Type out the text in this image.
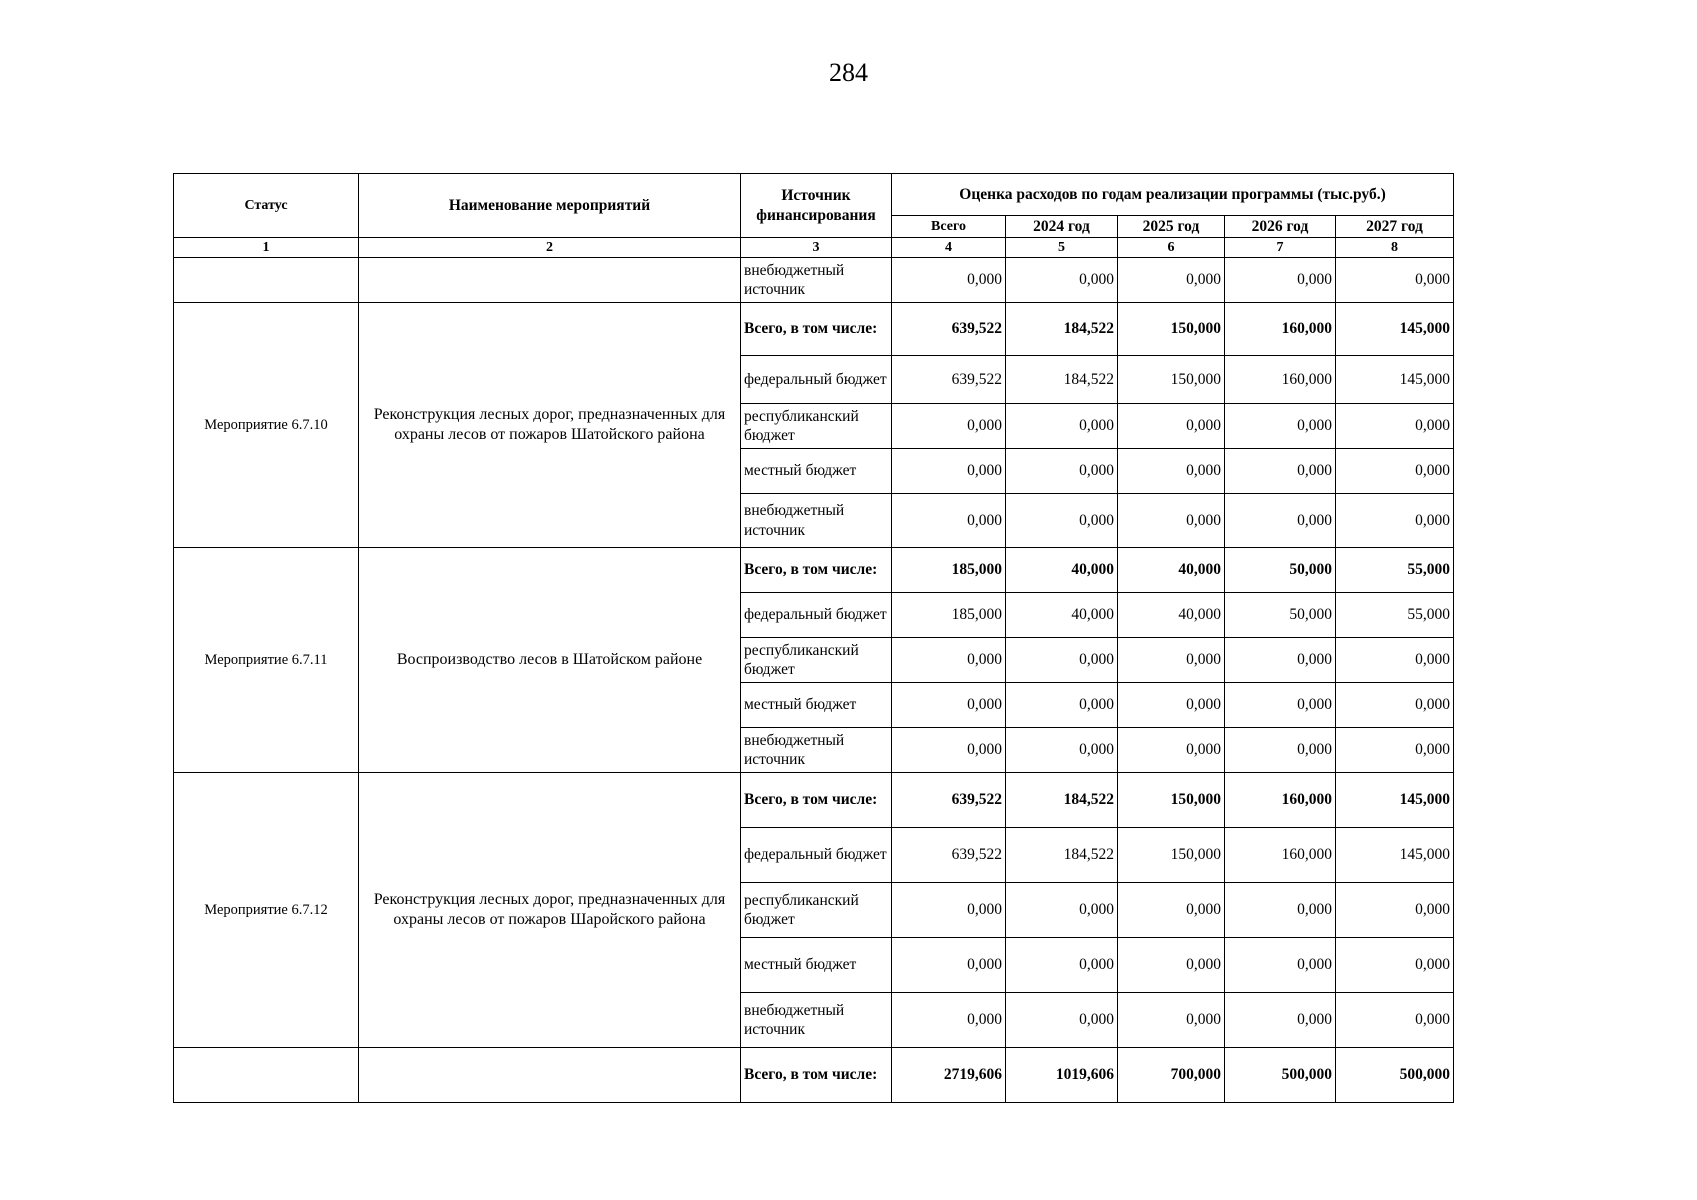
284
Статус	Наименование мероприятий	Источник финансирования	Оценка расходов по годам реализации программы (тыс.руб.)				
			Всего	2024 год	2025 год	2026 год	2027 год
1	2	3	4	5	6	7	8
		внебюджетный источник	0,000	0,000	0,000	0,000	0,000
Мероприятие 6.7.10	Реконструкция лесных дорог, предназначенных для охраны лесов от пожаров Шатойского района	Всего, в том числе:	639,522	184,522	150,000	160,000	145,000
		федеральный бюджет	639,522	184,522	150,000	160,000	145,000
		республиканский бюджет	0,000	0,000	0,000	0,000	0,000
		местный бюджет	0,000	0,000	0,000	0,000	0,000
		внебюджетный источник	0,000	0,000	0,000	0,000	0,000
Мероприятие 6.7.11	Воспроизводство лесов в Шатойском районе	Всего, в том числе:	185,000	40,000	40,000	50,000	55,000
		федеральный бюджет	185,000	40,000	40,000	50,000	55,000
		республиканский бюджет	0,000	0,000	0,000	0,000	0,000
		местный бюджет	0,000	0,000	0,000	0,000	0,000
		внебюджетный источник	0,000	0,000	0,000	0,000	0,000
Мероприятие 6.7.12	Реконструкция лесных дорог, предназначенных для охраны лесов от пожаров Шаройского района	Всего, в том числе:	639,522	184,522	150,000	160,000	145,000
		федеральный бюджет	639,522	184,522	150,000	160,000	145,000
		республиканский бюджет	0,000	0,000	0,000	0,000	0,000
		местный бюджет	0,000	0,000	0,000	0,000	0,000
		внебюджетный источник	0,000	0,000	0,000	0,000	0,000
		Всего, в том числе:	2719,606	1019,606	700,000	500,000	500,000
